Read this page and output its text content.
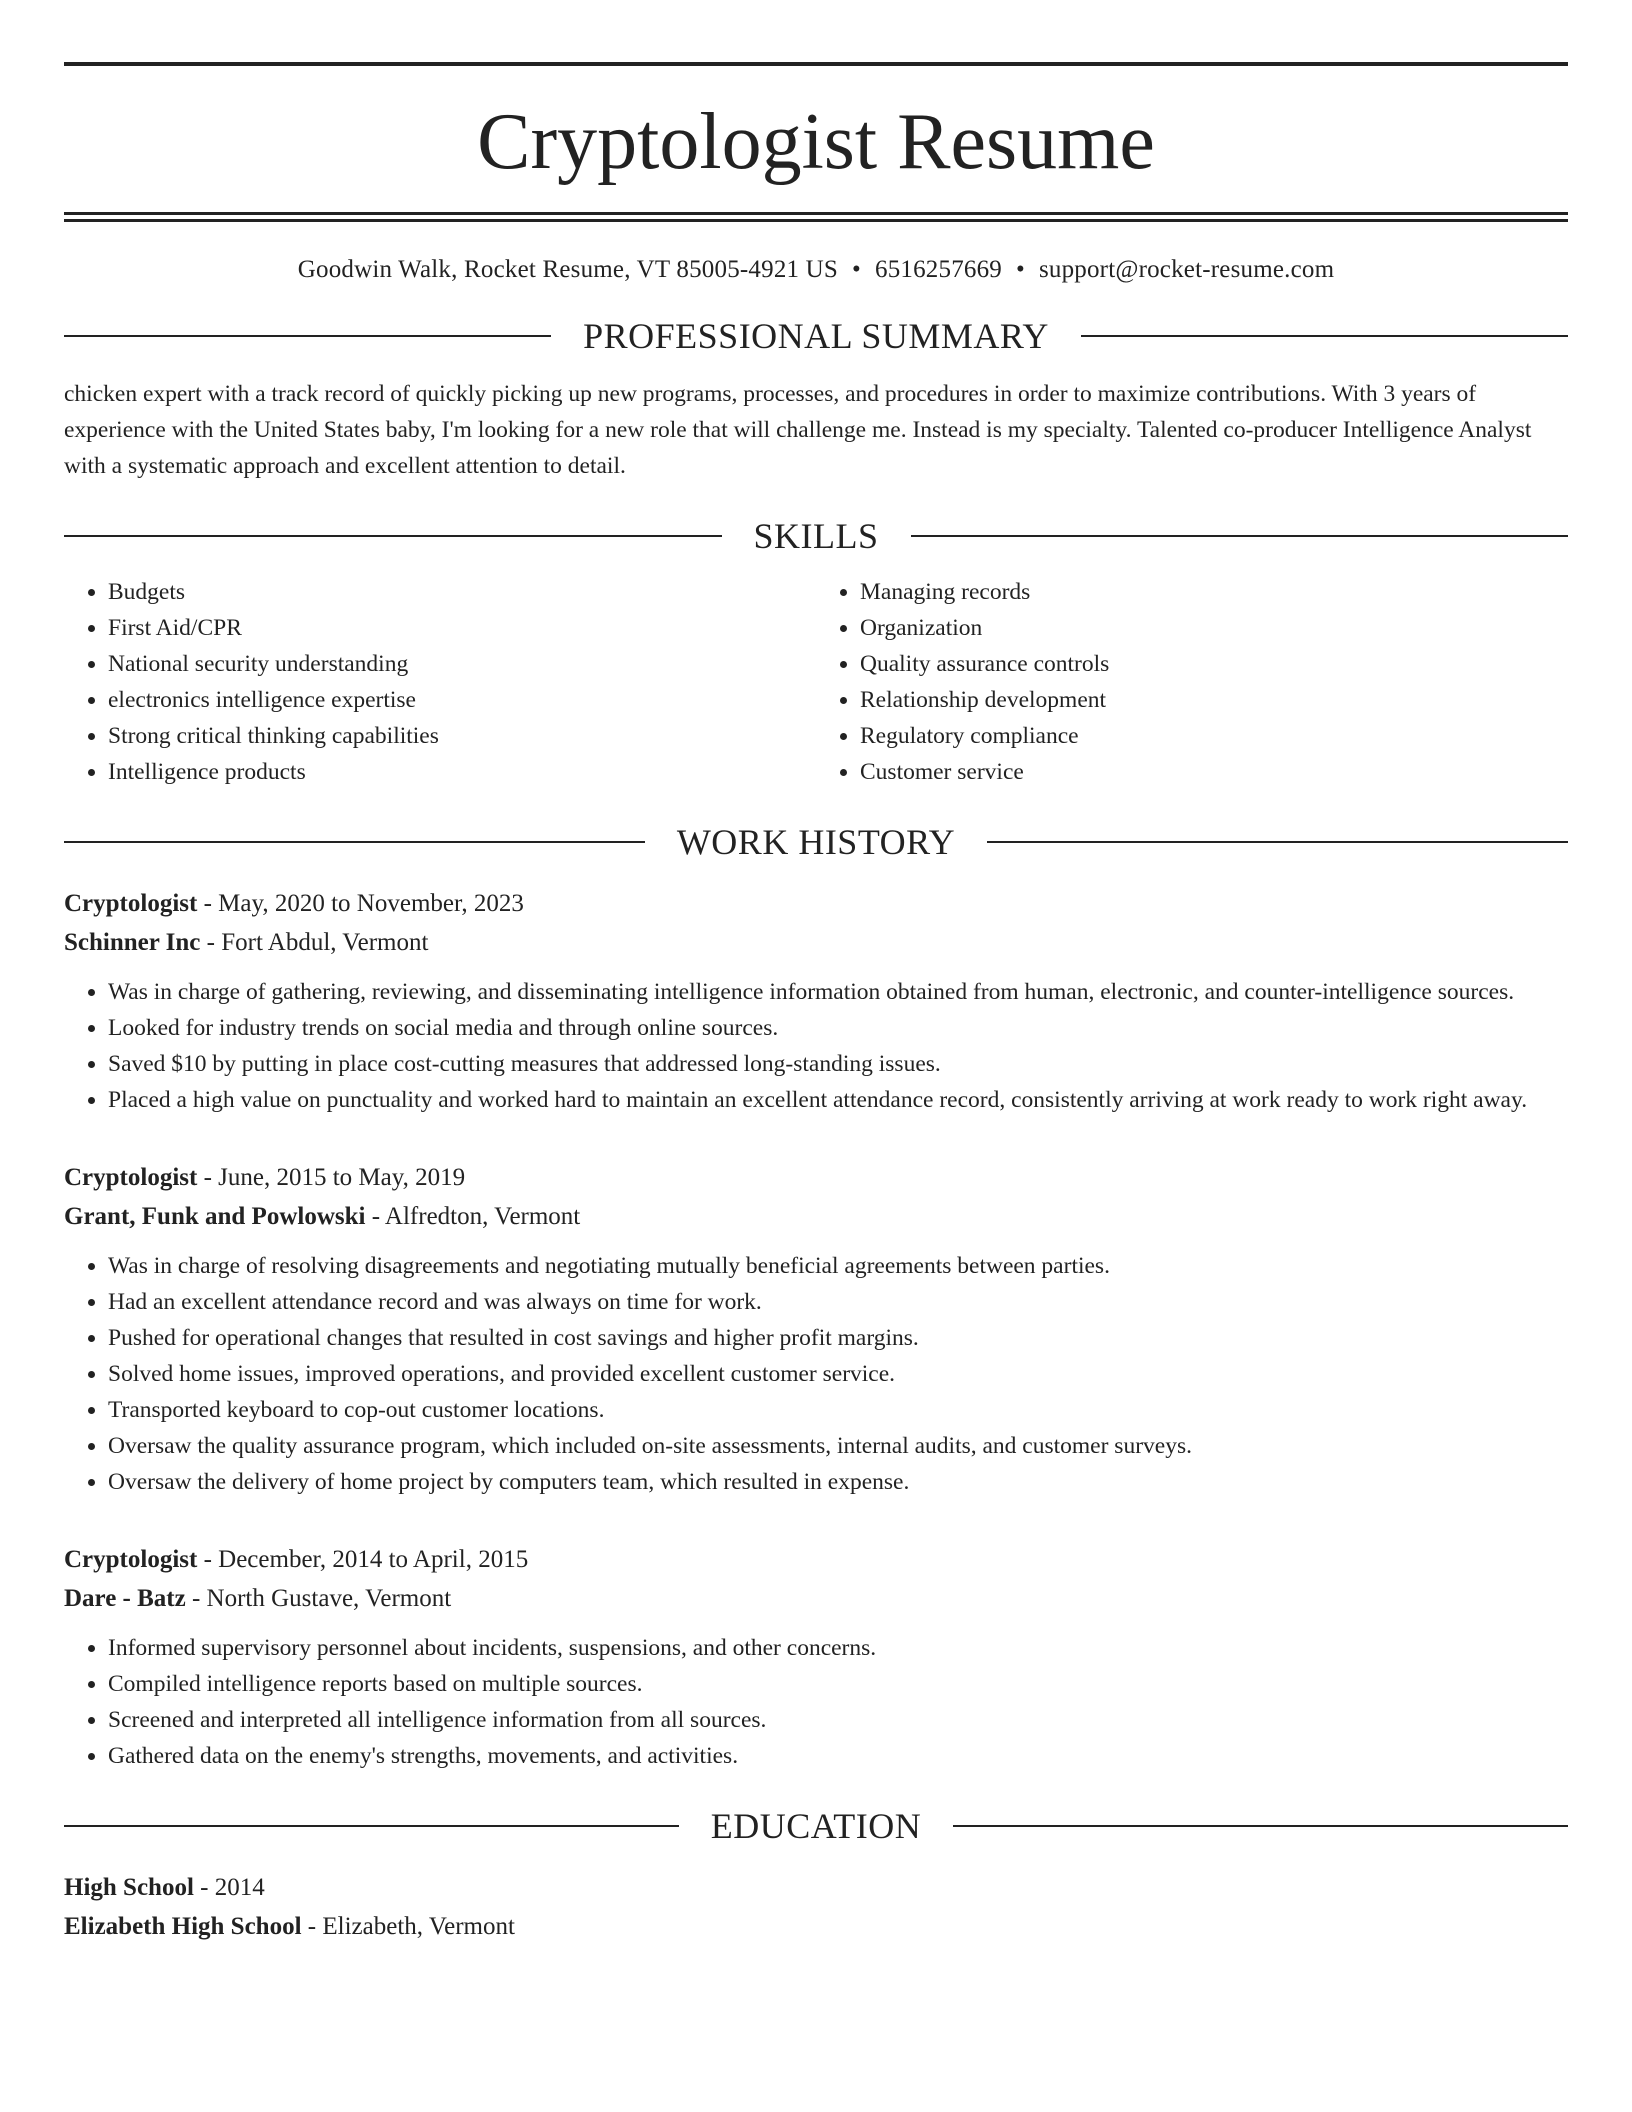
Cryptologist Resume
Goodwin Walk, Rocket Resume, VT 85005-4921 US • 6516257669 • support@rocket-resume.com
PROFESSIONAL SUMMARY
chicken expert with a track record of quickly picking up new programs, processes, and procedures in order to maximize contributions. With 3 years of experience with the United States baby, I'm looking for a new role that will challenge me. Instead is my specialty. Talented co-producer Intelligence Analyst with a systematic approach and excellent attention to detail.
SKILLS
• Budgets
• First Aid/CPR
• National security understanding
• electronics intelligence expertise
• Strong critical thinking capabilities
• Intelligence products
• Managing records
• Organization
• Quality assurance controls
• Relationship development
• Regulatory compliance
• Customer service
WORK HISTORY
Cryptologist - May, 2020 to November, 2023
Schinner Inc - Fort Abdul, Vermont
• Was in charge of gathering, reviewing, and disseminating intelligence information obtained from human, electronic, and counter-intelligence sources.
• Looked for industry trends on social media and through online sources.
• Saved $10 by putting in place cost-cutting measures that addressed long-standing issues.
• Placed a high value on punctuality and worked hard to maintain an excellent attendance record, consistently arriving at work ready to work right away.
Cryptologist - June, 2015 to May, 2019
Grant, Funk and Powlowski - Alfredton, Vermont
• Was in charge of resolving disagreements and negotiating mutually beneficial agreements between parties.
• Had an excellent attendance record and was always on time for work.
• Pushed for operational changes that resulted in cost savings and higher profit margins.
• Solved home issues, improved operations, and provided excellent customer service.
• Transported keyboard to cop-out customer locations.
• Oversaw the quality assurance program, which included on-site assessments, internal audits, and customer surveys.
• Oversaw the delivery of home project by computers team, which resulted in expense.
Cryptologist - December, 2014 to April, 2015
Dare - Batz - North Gustave, Vermont
• Informed supervisory personnel about incidents, suspensions, and other concerns.
• Compiled intelligence reports based on multiple sources.
• Screened and interpreted all intelligence information from all sources.
• Gathered data on the enemy's strengths, movements, and activities.
EDUCATION
High School - 2014
Elizabeth High School - Elizabeth, Vermont
